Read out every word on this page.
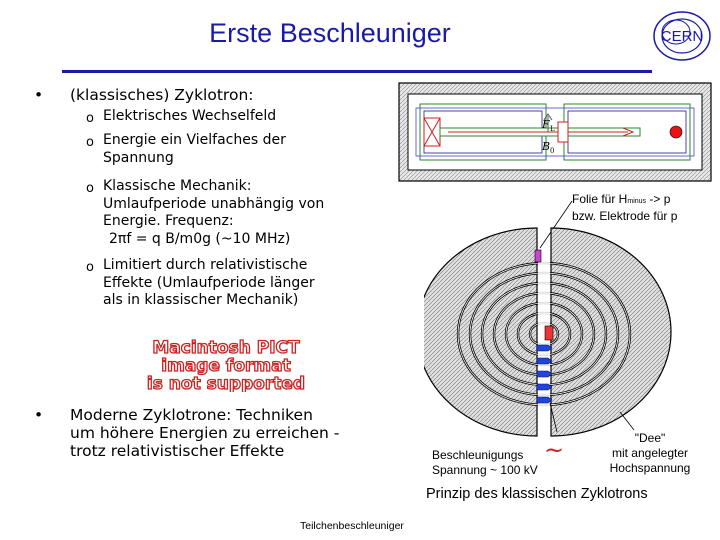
Erste Beschleuniger	CERN
• (klassisches) Zyklotron:
o Elektrisches Wechselfeld
o Energie ein Vielfaches der
Spannung
o Klassische Mechanik:
Umlaufperiode unabhängig von
Energie. Frequenz:
2πf = q B/m0g (~10 MHz)
o Limitiert durch relativistische
Effekte (Umlaufperiode länger
als in klassischer Mechanik)
Macintosh PICT
image format
is not supported
• Moderne Zyklotrone: Techniken
um höhere Energien zu erreichen -
trotz relativistischer Effekte
F L
B 0
Folie für Hminus -> p
bzw. Elektrode für p
Beschleunigungs
Spannung ~ 100 kV
~	"Dee"
mit angelegter
Hochspannung
Prinzip des klassischen Zyklotrons
Teilchenbeschleuniger
